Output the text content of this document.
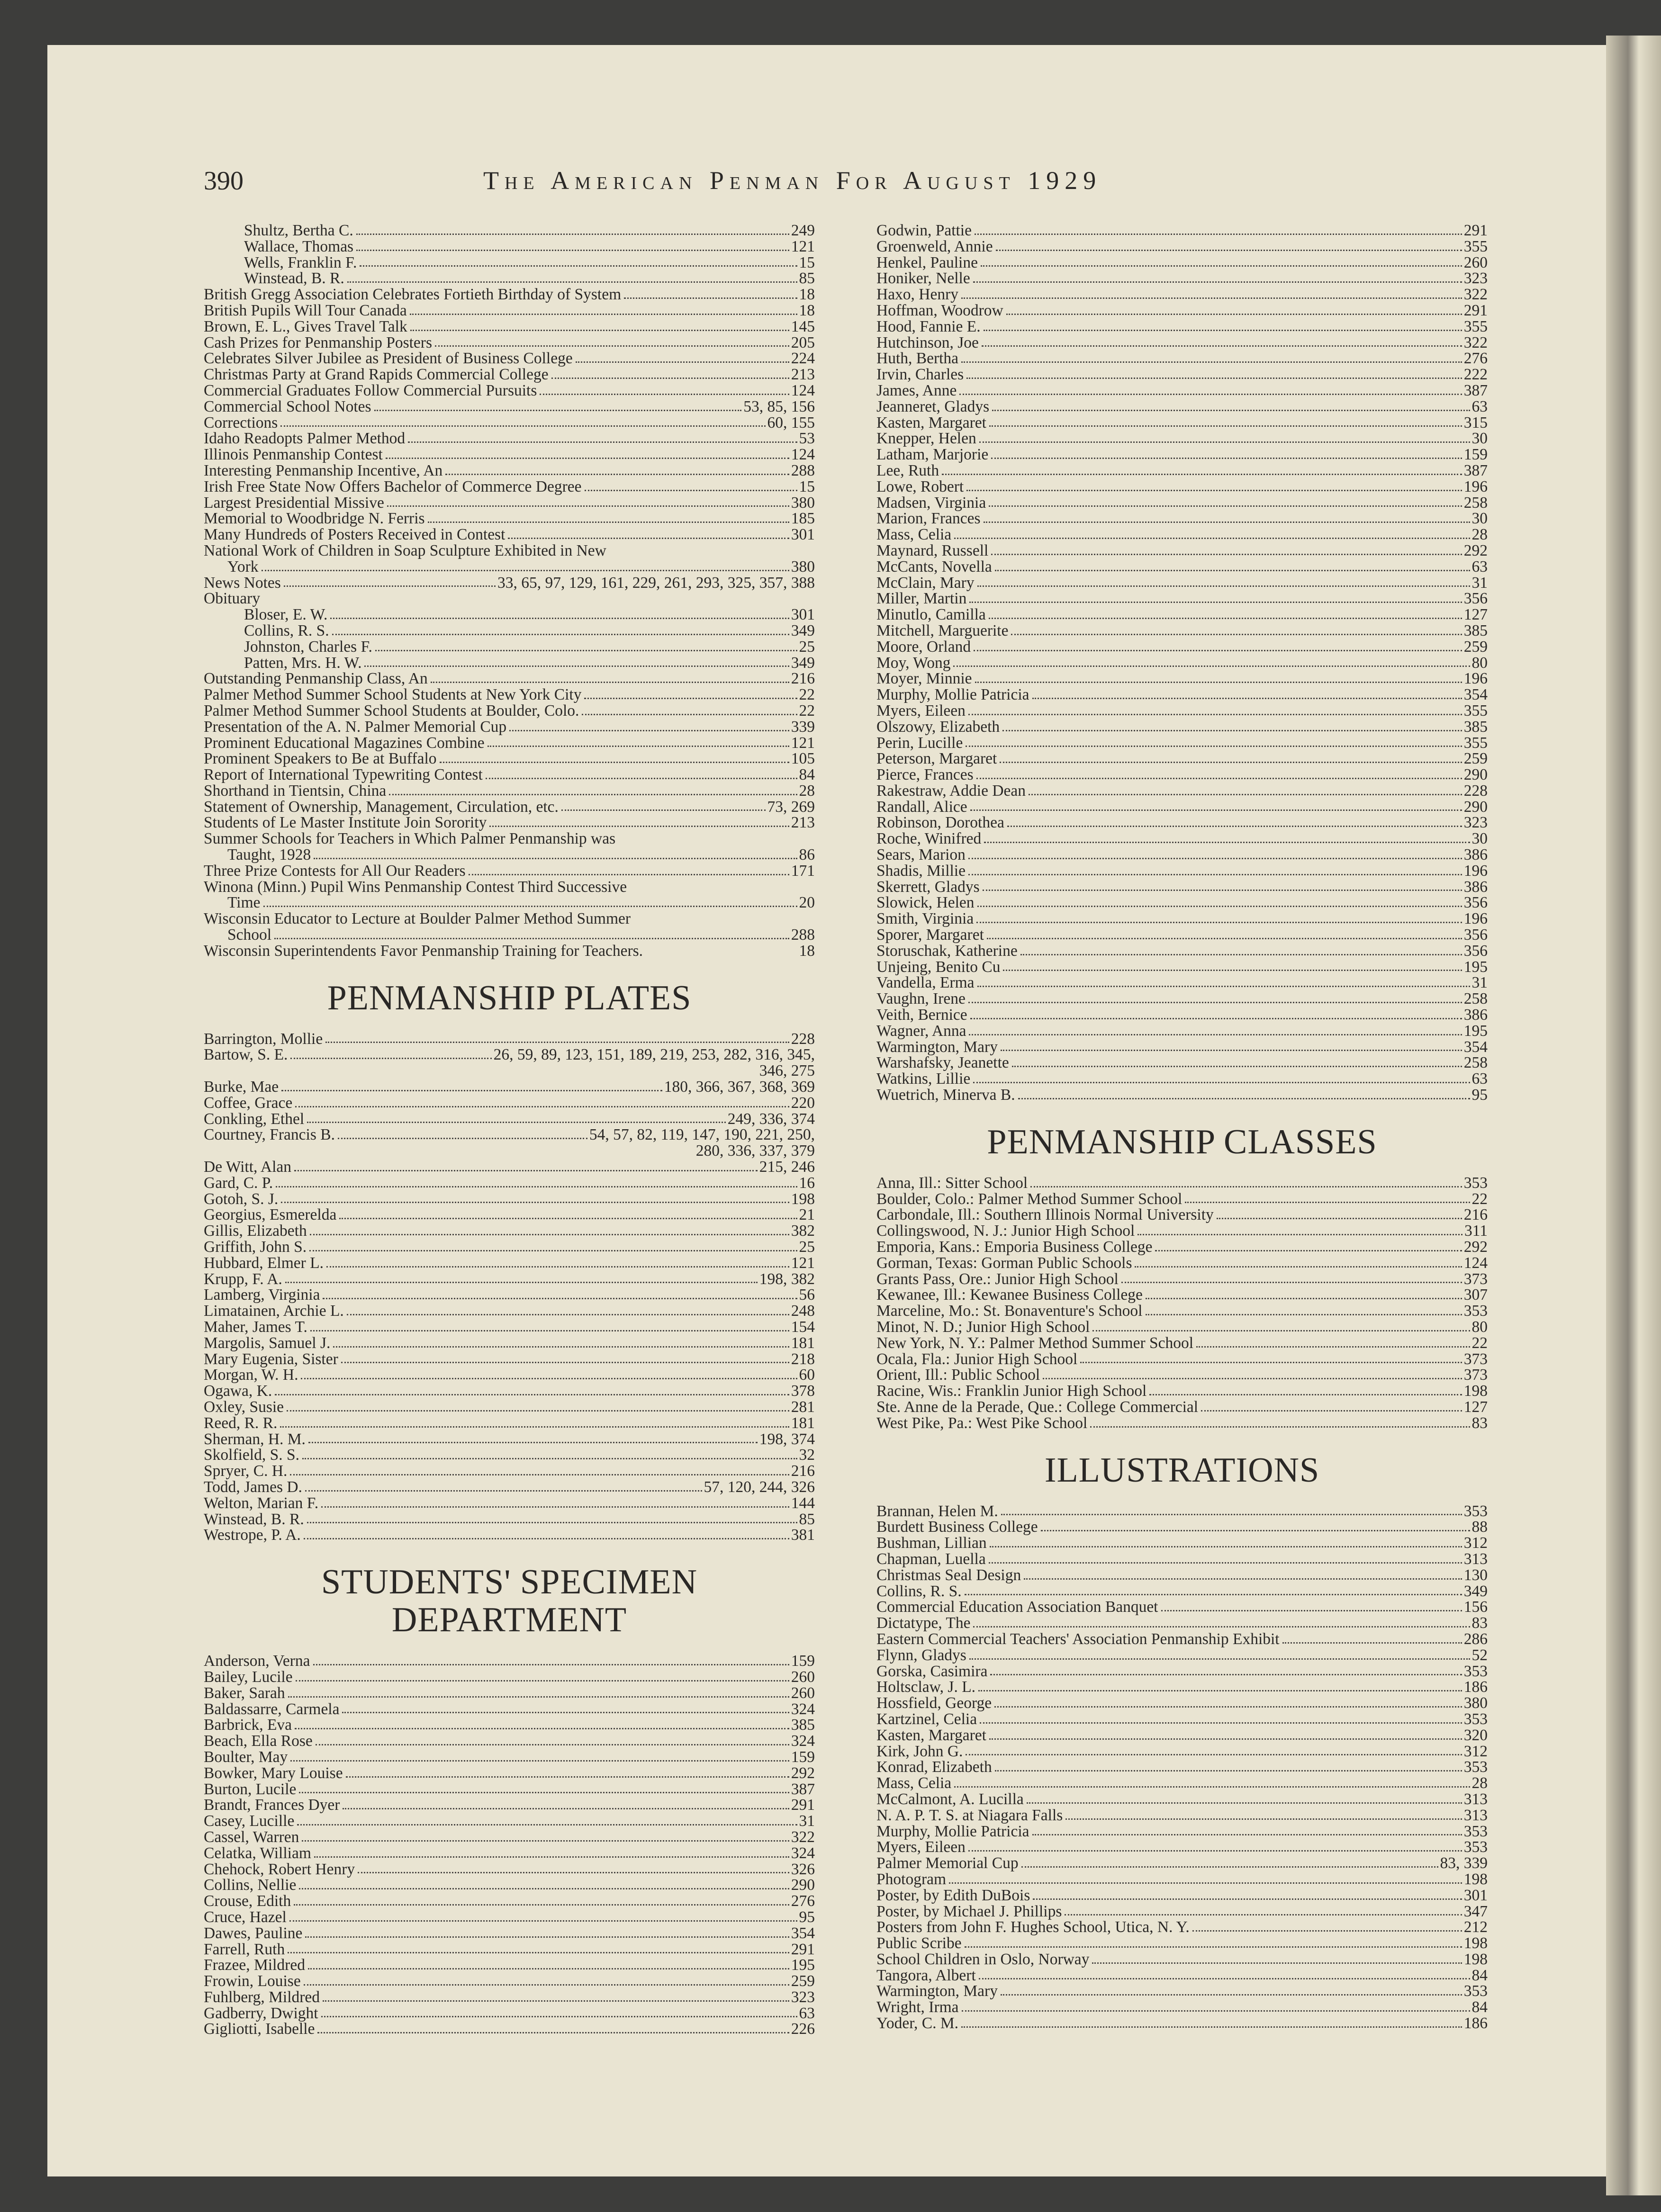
390	The American Penman For August 1929
Shultz, Bertha C.	249
Wallace, Thomas	121
Wells, Franklin F.	15
Winstead, B. R.	85
British Gregg Association Celebrates Fortieth Birthday of System	18
British Pupils Will Tour Canada	18
Brown, E. L., Gives Travel Talk	145
Cash Prizes for Penmanship Posters	205
Celebrates Silver Jubilee as President of Business College	224
Christmas Party at Grand Rapids Commercial College	213
Commercial Graduates Follow Commercial Pursuits	124
Commercial School Notes	53, 85, 156
Corrections	60, 155
Idaho Readopts Palmer Method	53
Illinois Penmanship Contest	124
Interesting Penmanship Incentive, An	288
Irish Free State Now Offers Bachelor of Commerce Degree	15
Largest Presidential Missive	380
Memorial to Woodbridge N. Ferris	185
Many Hundreds of Posters Received in Contest	301
National Work of Children in Soap Sculpture Exhibited in New
York	380
News Notes	33, 65, 97, 129, 161, 229, 261, 293, 325, 357, 388
Obituary
Bloser, E. W.	301
Collins, R. S.	349
Johnston, Charles F.	25
Patten, Mrs. H. W.	349
Outstanding Penmanship Class, An	216
Palmer Method Summer School Students at New York City	22
Palmer Method Summer School Students at Boulder, Colo.	22
Presentation of the A. N. Palmer Memorial Cup	339
Prominent Educational Magazines Combine	121
Prominent Speakers to Be at Buffalo	105
Report of International Typewriting Contest	84
Shorthand in Tientsin, China	28
Statement of Ownership, Management, Circulation, etc.	73, 269
Students of Le Master Institute Join Sorority	213
Summer Schools for Teachers in Which Palmer Penmanship was
Taught, 1928	86
Three Prize Contests for All Our Readers	171
Winona (Minn.) Pupil Wins Penmanship Contest Third Successive
Time	20
Wisconsin Educator to Lecture at Boulder Palmer Method Summer
School	288
Wisconsin Superintendents Favor Penmanship Training for Teachers.	18
PENMANSHIP PLATES
Barrington, Mollie	228
Bartow, S. E.	26, 59, 89, 123, 151, 189, 219, 253, 282, 316, 345,
346, 275
Burke, Mae	180, 366, 367, 368, 369
Coffee, Grace	220
Conkling, Ethel	249, 336, 374
Courtney, Francis B.	54, 57, 82, 119, 147, 190, 221, 250,
280, 336, 337, 379
De Witt, Alan	215, 246
Gard, C. P.	16
Gotoh, S. J.	198
Georgius, Esmerelda	21
Gillis, Elizabeth	382
Griffith, John S.	25
Hubbard, Elmer L.	121
Krupp, F. A.	198, 382
Lamberg, Virginia	56
Limatainen, Archie L.	248
Maher, James T.	154
Margolis, Samuel J.	181
Mary Eugenia, Sister	218
Morgan, W. H.	60
Ogawa, K.	378
Oxley, Susie	281
Reed, R. R.	181
Sherman, H. M.	198, 374
Skolfield, S. S.	32
Spryer, C. H.	216
Todd, James D.	57, 120, 244, 326
Welton, Marian F.	144
Winstead, B. R.	85
Westrope, P. A.	381
STUDENTS' SPECIMEN
DEPARTMENT
Anderson, Verna	159
Bailey, Lucile	260
Baker, Sarah	260
Baldassarre, Carmela	324
Barbrick, Eva	385
Beach, Ella Rose	324
Boulter, May	159
Bowker, Mary Louise	292
Burton, Lucile	387
Brandt, Frances Dyer	291
Casey, Lucille	31
Cassel, Warren	322
Celatka, William	324
Chehock, Robert Henry	326
Collins, Nellie	290
Crouse, Edith	276
Cruce, Hazel	95
Dawes, Pauline	354
Farrell, Ruth	291
Frazee, Mildred	195
Frowin, Louise	259
Fuhlberg, Mildred	323
Gadberry, Dwight	63
Gigliotti, Isabelle	226
Godwin, Pattie	291
Groenweld, Annie	355
Henkel, Pauline	260
Honiker, Nelle	323
Haxo, Henry	322
Hoffman, Woodrow	291
Hood, Fannie E.	355
Hutchinson, Joe	322
Huth, Bertha	276
Irvin, Charles	222
James, Anne	387
Jeanneret, Gladys	63
Kasten, Margaret	315
Knepper, Helen	30
Latham, Marjorie	159
Lee, Ruth	387
Lowe, Robert	196
Madsen, Virginia	258
Marion, Frances	30
Mass, Celia	28
Maynard, Russell	292
McCants, Novella	63
McClain, Mary	31
Miller, Martin	356
Minutlo, Camilla	127
Mitchell, Marguerite	385
Moore, Orland	259
Moy, Wong	80
Moyer, Minnie	196
Murphy, Mollie Patricia	354
Myers, Eileen	355
Olszowy, Elizabeth	385
Perin, Lucille	355
Peterson, Margaret	259
Pierce, Frances	290
Rakestraw, Addie Dean	228
Randall, Alice	290
Robinson, Dorothea	323
Roche, Winifred	30
Sears, Marion	386
Shadis, Millie	196
Skerrett, Gladys	386
Slowick, Helen	356
Smith, Virginia	196
Sporer, Margaret	356
Storuschak, Katherine	356
Unjeing, Benito Cu	195
Vandella, Erma	31
Vaughn, Irene	258
Veith, Bernice	386
Wagner, Anna	195
Warmington, Mary	354
Warshafsky, Jeanette	258
Watkins, Lillie	63
Wuetrich, Minerva B.	95
PENMANSHIP CLASSES
Anna, Ill.: Sitter School	353
Boulder, Colo.: Palmer Method Summer School	22
Carbondale, Ill.: Southern Illinois Normal University	216
Collingswood, N. J.: Junior High School	311
Emporia, Kans.: Emporia Business College	292
Gorman, Texas: Gorman Public Schools	124
Grants Pass, Ore.: Junior High School	373
Kewanee, Ill.: Kewanee Business College	307
Marceline, Mo.: St. Bonaventure's School	353
Minot, N. D.; Junior High School	80
New York, N. Y.: Palmer Method Summer School	22
Ocala, Fla.: Junior High School	373
Orient, Ill.: Public School	373
Racine, Wis.: Franklin Junior High School	198
Ste. Anne de la Perade, Que.: College Commercial	127
West Pike, Pa.: West Pike School	83
ILLUSTRATIONS
Brannan, Helen M.	353
Burdett Business College	88
Bushman, Lillian	312
Chapman, Luella	313
Christmas Seal Design	130
Collins, R. S.	349
Commercial Education Association Banquet	156
Dictatype, The	83
Eastern Commercial Teachers' Association Penmanship Exhibit	286
Flynn, Gladys	52
Gorska, Casimira	353
Holtsclaw, J. L.	186
Hossfield, George	380
Kartzinel, Celia	353
Kasten, Margaret	320
Kirk, John G.	312
Konrad, Elizabeth	353
Mass, Celia	28
McCalmont, A. Lucilla	313
N. A. P. T. S. at Niagara Falls	313
Murphy, Mollie Patricia	353
Myers, Eileen	353
Palmer Memorial Cup	83, 339
Photogram	198
Poster, by Edith DuBois	301
Poster, by Michael J. Phillips	347
Posters from John F. Hughes School, Utica, N. Y.	212
Public Scribe	198
School Children in Oslo, Norway	198
Tangora, Albert	84
Warmington, Mary	353
Wright, Irma	84
Yoder, C. M.	186
